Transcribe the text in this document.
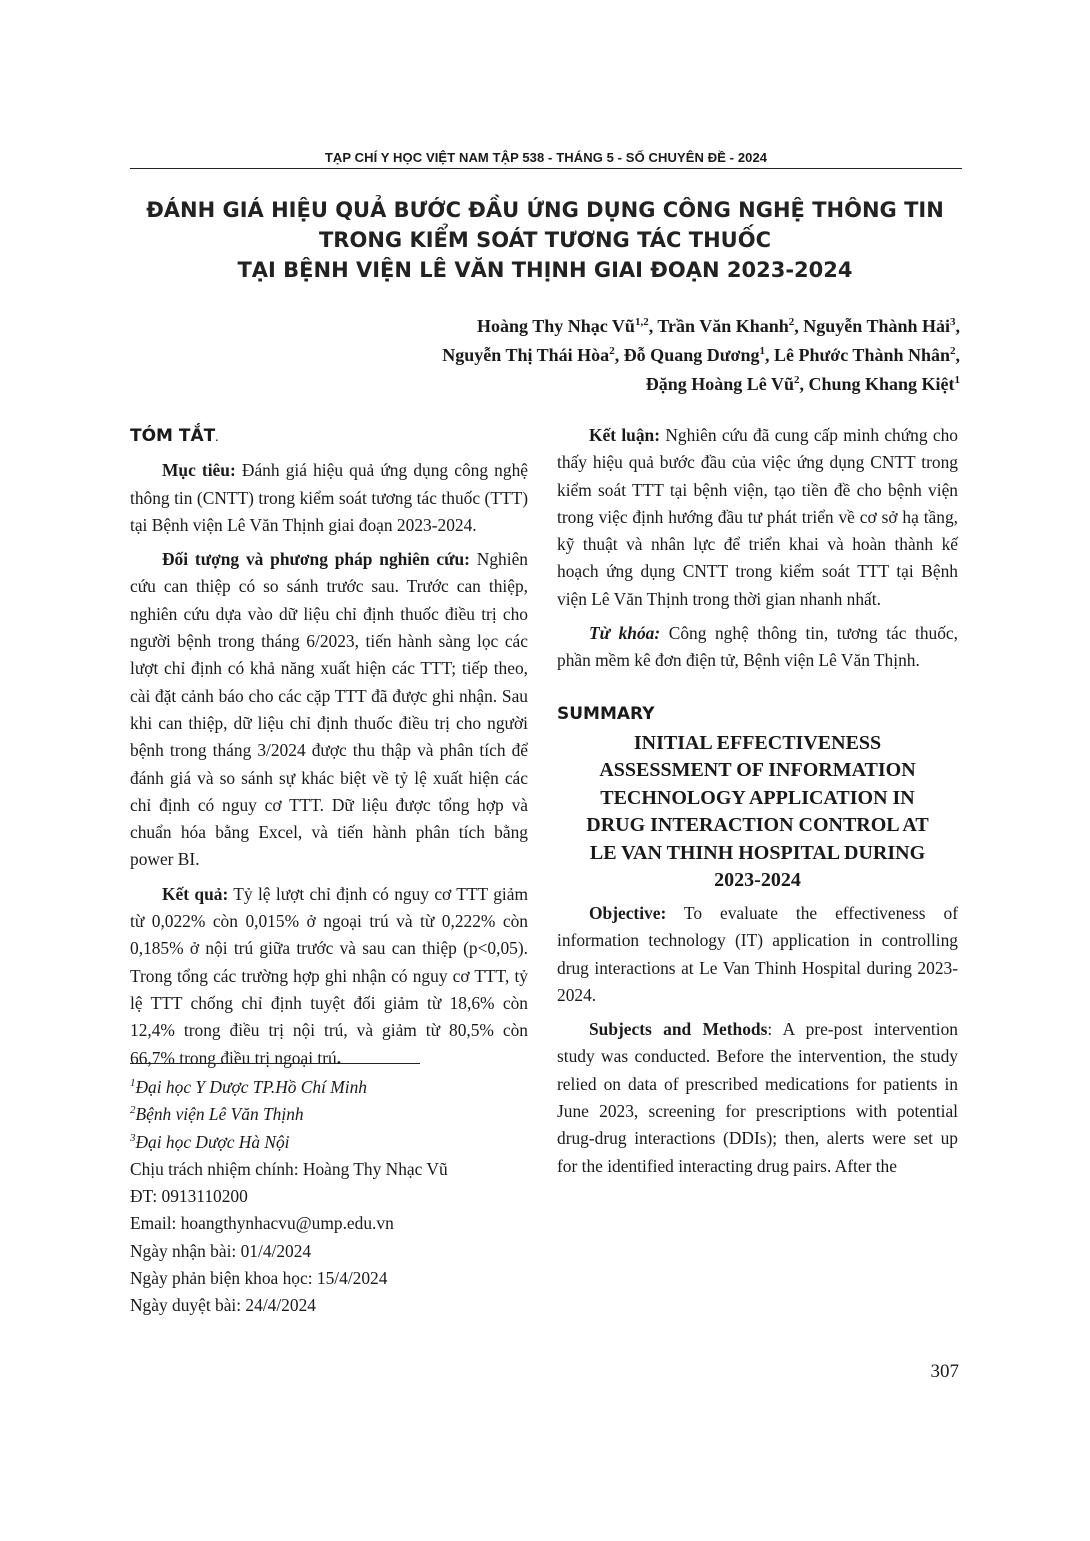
TẠP CHÍ Y HỌC VIỆT NAM TẬP 538 - THÁNG 5 - SỐ CHUYÊN ĐỀ - 2024
ĐÁNH GIÁ HIỆU QUẢ BƯỚC ĐẦU ỨNG DỤNG CÔNG NGHỆ THÔNG TIN
TRONG KIỂM SOÁT TƯƠNG TÁC THUỐC
TẠI BỆNH VIỆN LÊ VĂN THỊNH GIAI ĐOẠN 2023-2024
Hoàng Thy Nhạc Vũ$^{1,2}$, Trần Văn Khanh$^2$, Nguyễn Thành Hải$^3$,
Nguyễn Thị Thái Hòa$^2$, Đỗ Quang Dương$^1$, Lê Phước Thành Nhân$^2$,
Đặng Hoàng Lê $Vũ^2$, Chung Khang Kiệt$^1$
TÓM TẮT.

Mục tiêu: Đánh giá hiệu quả ứng dụng công nghệ thông tin (CNTT) trong kiểm soát tương tác thuốc (TTT) tại Bệnh viện Lê Văn Thịnh giai đoạn 2023-2024.

Đối tượng và phương pháp nghiên cứu: Nghiên cứu can thiệp có so sánh trước sau. Trước can thiệp, nghiên cứu dựa vào dữ liệu chỉ định thuốc điều trị cho người bệnh trong tháng 6/2023, tiến hành sàng lọc các lượt chỉ định có khả năng xuất hiện các TTT; tiếp theo, cài đặt cảnh báo cho các cặp TTT đã được ghi nhận. Sau khi can thiệp, dữ liệu chỉ định thuốc điều trị cho người bệnh trong tháng 3/2024 được thu thập và phân tích để đánh giá và so sánh sự khác biệt về tỷ lệ xuất hiện các chỉ định có nguy cơ TTT. Dữ liệu được tổng hợp và chuẩn hóa bằng Excel, và tiến hành phân tích bằng power BI.

Kết quả: Tỷ lệ lượt chỉ định có nguy cơ TTT giảm từ 0,022% còn 0,015% ở ngoại trú và từ 0,222% còn 0,185% ở nội trú giữa trước và sau can thiệp (p<0,05). Trong tổng các trường hợp ghi nhận có nguy cơ TTT, tỷ lệ TTT chống chỉ định tuyệt đối giảm từ 18,6% còn 12,4% trong điều trị nội trú, và giảm từ 80,5% còn 66,7% trong điều trị ngoại trú.

$^1$Đại học Y Dược TP.Hồ Chí Minh
$^2$Bệnh viện Lê Văn Thịnh
$^3$Đại học Dược Hà Nội
Chịu trách nhiệm chính: Hoàng Thy Nhạc Vũ
ĐT: 0913110200
Email: hoangthynhacvu@ump.edu.vn
Ngày nhận bài: 01/4/2024
Ngày phản biện khoa học: 15/4/2024
Ngày duyệt bài: 24/4/2024

Kết luận: Nghiên cứu đã cung cấp minh chứng cho thấy hiệu quả bước đầu của việc ứng dụng CNTT trong kiểm soát TTT tại bệnh viện, tạo tiền đề cho bệnh viện trong việc định hướng đầu tư phát triển về cơ sở hạ tầng, kỹ thuật và nhân lực để triển khai và hoàn thành kế hoạch ứng dụng CNTT trong kiểm soát TTT tại Bệnh viện Lê Văn Thịnh trong thời gian nhanh nhất.

Từ khóa: Công nghệ thông tin, tương tác thuốc, phần mềm kê đơn điện tử, Bệnh viện Lê Văn Thịnh.

SUMMARY
INITIAL EFFECTIVENESS
ASSESSMENT OF INFORMATION
TECHNOLOGY APPLICATION IN
DRUG INTERACTION CONTROL AT
LE VAN THINH HOSPITAL DURING
2023-2024

Objective: To evaluate the effectiveness of information technology (IT) application in controlling drug interactions at Le Van Thinh Hospital during 2023-2024.

Subjects and Methods: A pre-post intervention study was conducted. Before the intervention, the study relied on data of prescribed medications for patients in June 2023, screening for prescriptions with potential drug-drug interactions (DDIs); then, alerts were set up for the identified interacting drug pairs. After the

307
